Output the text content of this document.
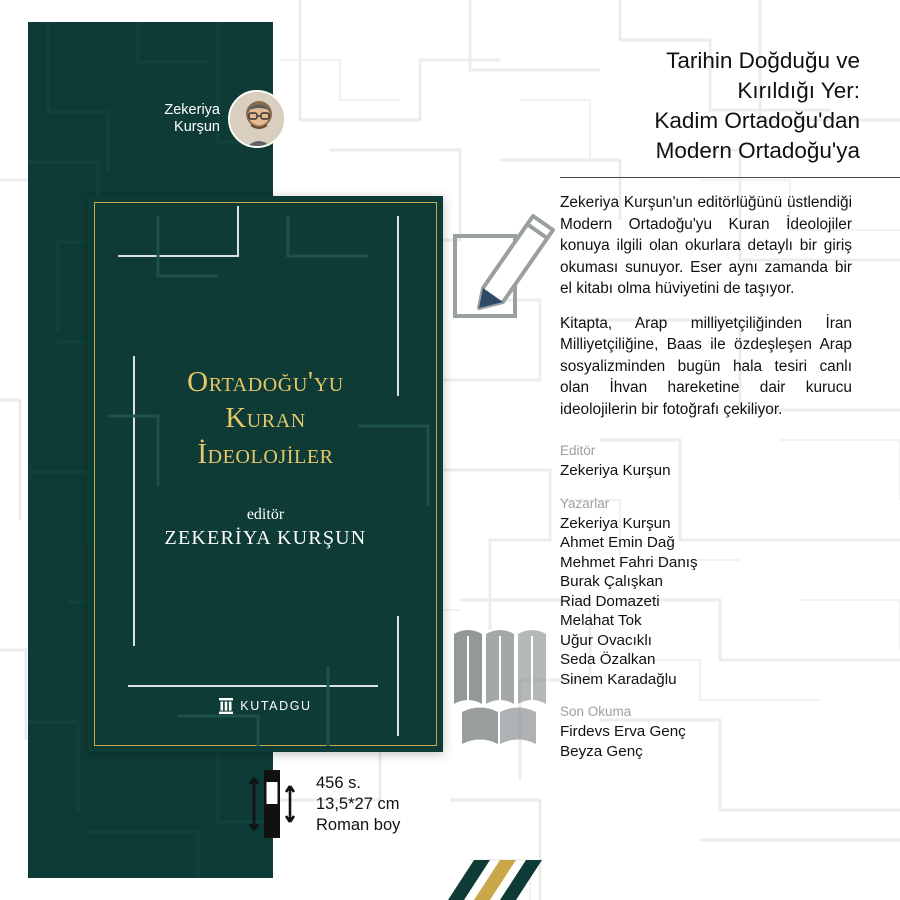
Zekeriya
Kurşun
Ortadoğu'yu
Kuran
İdeolojiler
editör
ZEKERİYA KURŞUN
KUTADGU
456 s.
13,5*27 cm
Roman boy
Tarihin Doğduğu ve
Kırıldığı Yer:
Kadim Ortadoğu'dan
Modern Ortadoğu'ya

Zekeriya Kurşun'un editörlüğünü üstlendiği Modern Ortadoğu'yu Kuran İdeolojiler konuya ilgili olan okurlara detaylı bir giriş okuması sunuyor. Eser aynı zamanda bir el kitabı olma hüviyetini de taşıyor.

Kitapta, Arap milliyetçiliğinden İran Milliyetçiliğine, Baas ile özdeşleşen Arap sosyalizminden bugün hala tesiri canlı olan İhvan hareketine dair kurucu ideolojilerin bir fotoğrafı çekiliyor.

Editör
Zekeriya Kurşun
Yazarlar
Zekeriya Kurşun
Ahmet Emin Dağ
Mehmet Fahri Danış
Burak Çalışkan
Riad Domazeti
Melahat Tok
Uğur Ovacıklı
Seda Özalkan
Sinem Karadağlu
Son Okuma
Firdevs Erva Genç
Beyza Genç
